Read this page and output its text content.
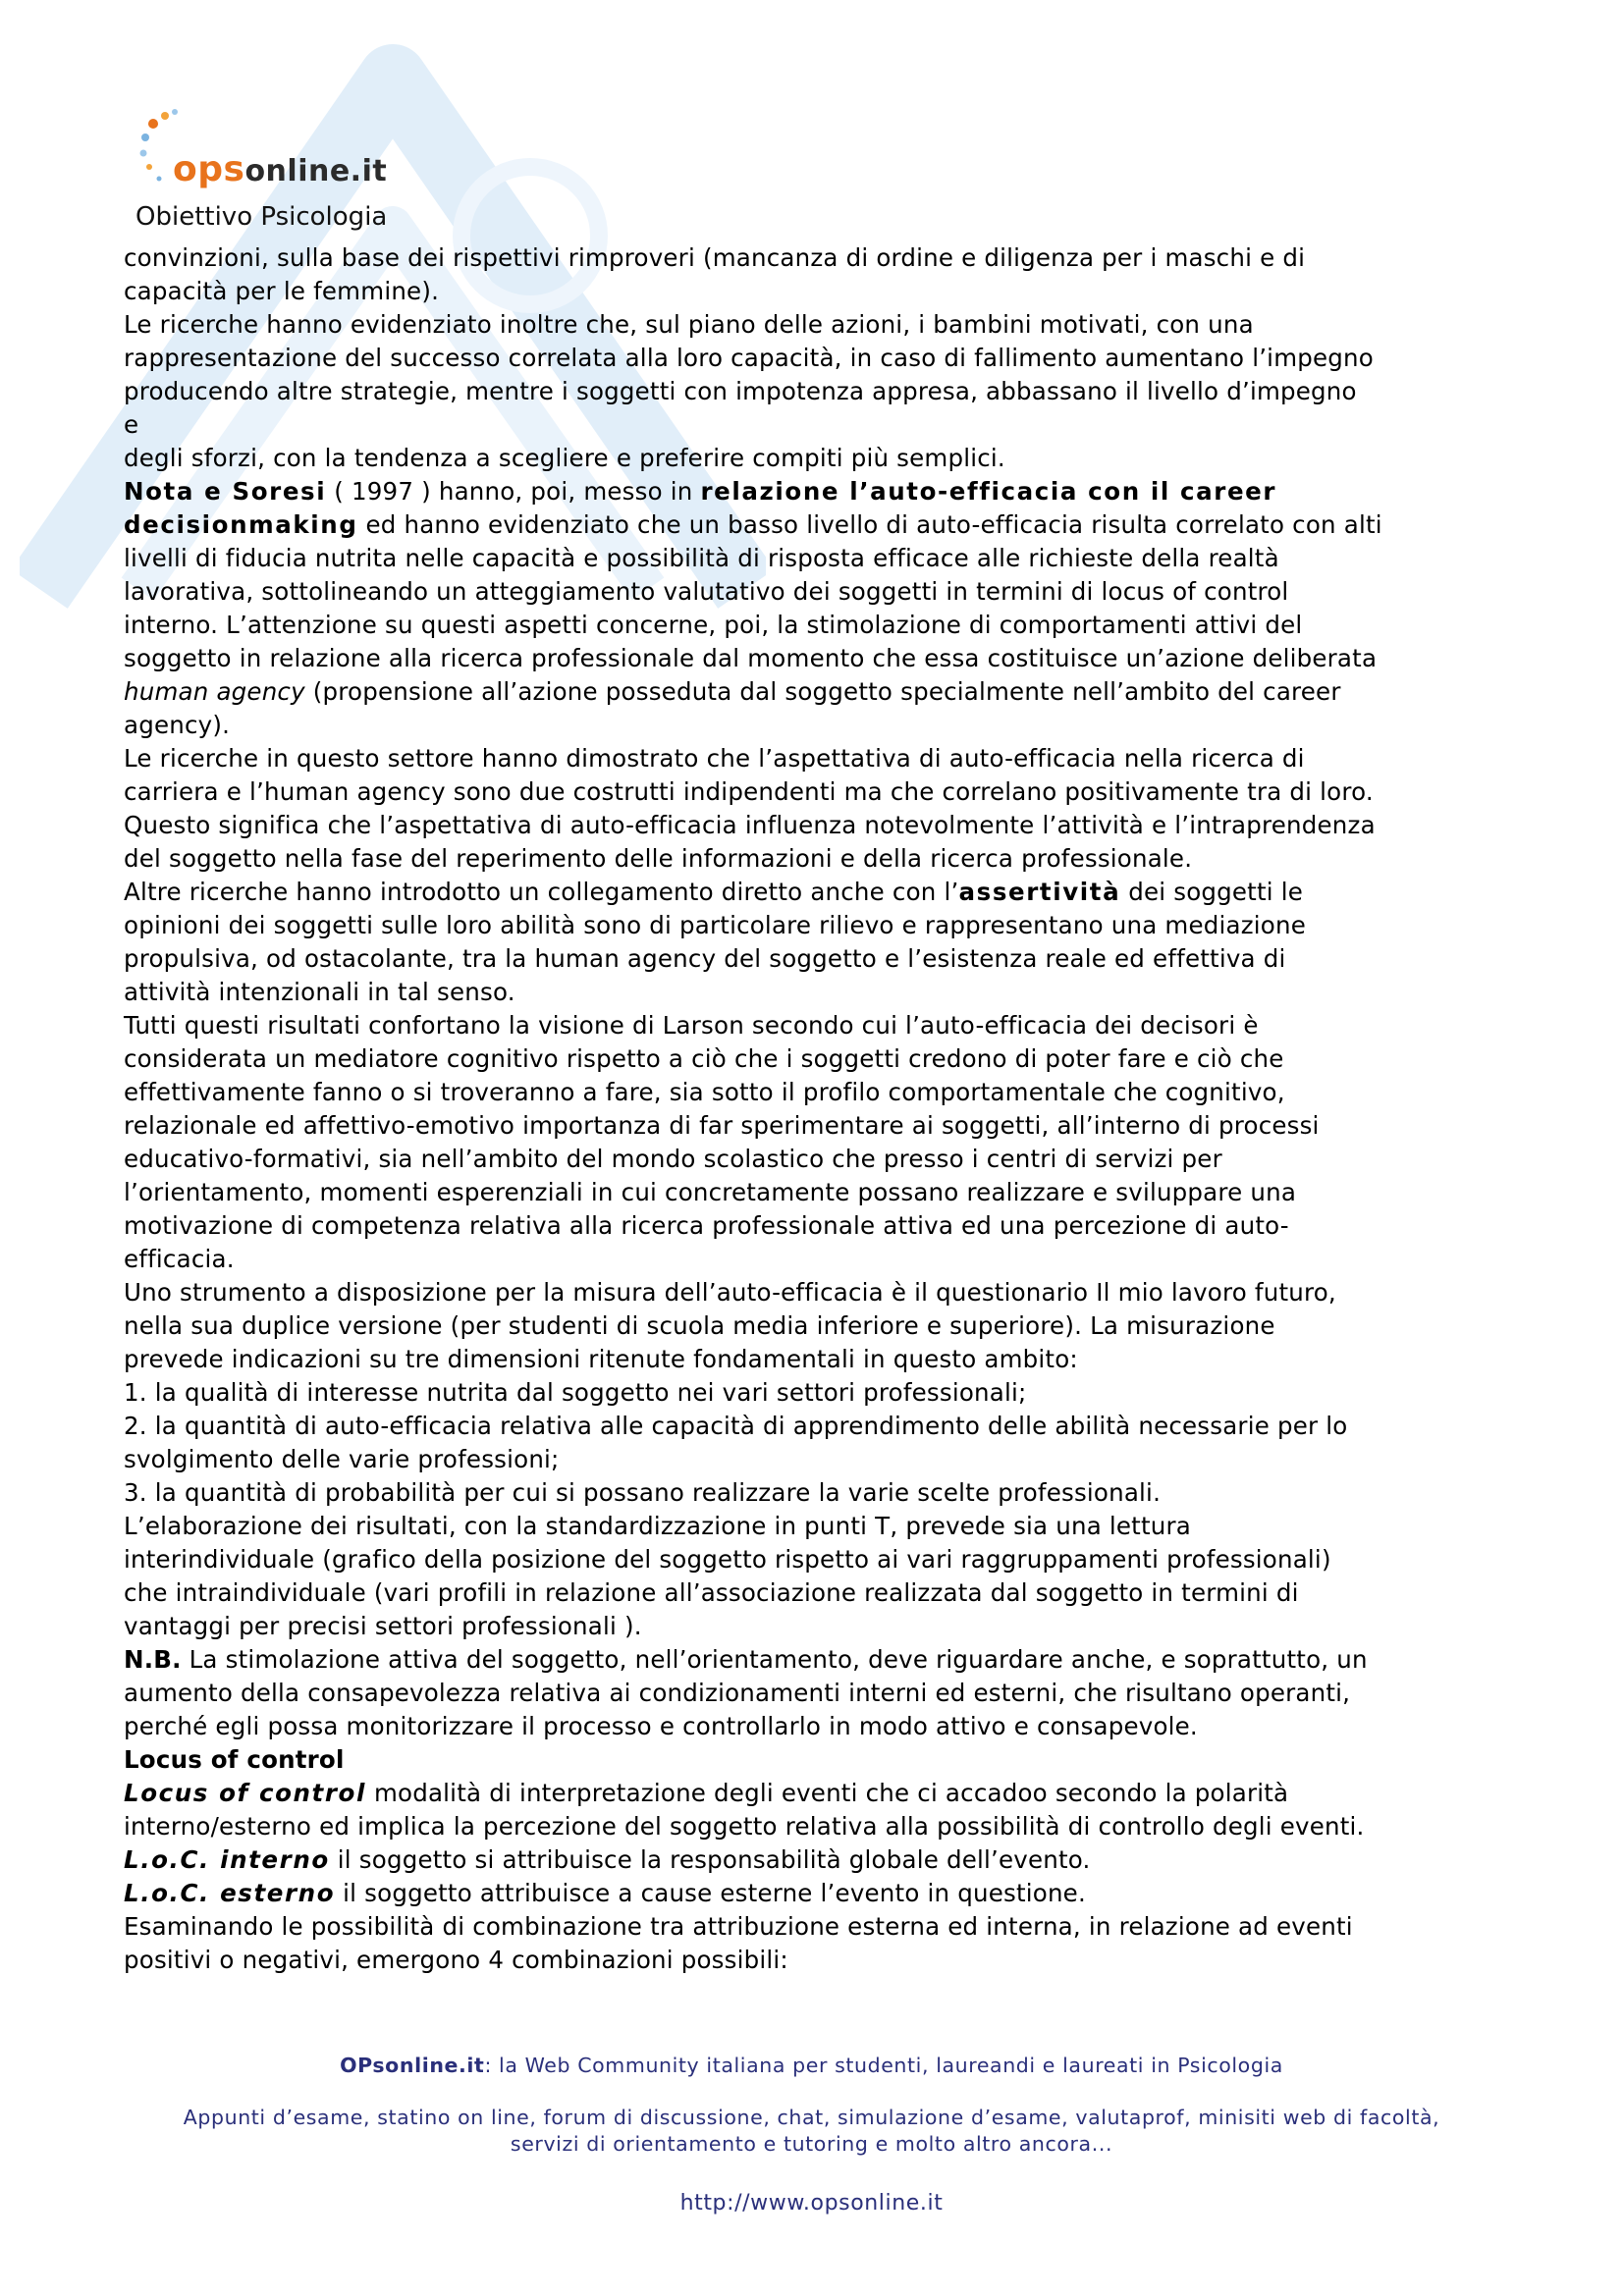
opsonline.it
Obiettivo Psicologia

convinzioni, sulla base dei rispettivi rimproveri (mancanza di ordine e diligenza per i maschi e di

capacità per le femmine).

Le ricerche hanno evidenziato inoltre che, sul piano delle azioni, i bambini motivati, con una

rappresentazione del successo correlata alla loro capacità, in caso di fallimento aumentano l’impegno

producendo altre strategie, mentre i soggetti con impotenza appresa, abbassano il livello d’impegno

e

degli sforzi, con la tendenza a scegliere e preferire compiti più semplici.

Nota e Soresi ( 1997 ) hanno, poi, messo in relazione l’auto-efficacia con il career

decisionmaking ed hanno evidenziato che un basso livello di auto-efficacia risulta correlato con alti

livelli di fiducia nutrita nelle capacità e possibilità di risposta efficace alle richieste della realtà

lavorativa, sottolineando un atteggiamento valutativo dei soggetti in termini di locus of control

interno. L’attenzione su questi aspetti concerne, poi, la stimolazione di comportamenti attivi del

soggetto in relazione alla ricerca professionale dal momento che essa costituisce un’azione deliberata

human agency (propensione all’azione posseduta dal soggetto specialmente nell’ambito del career

agency).

Le ricerche in questo settore hanno dimostrato che l’aspettativa di auto-efficacia nella ricerca di

carriera e l’human agency sono due costrutti indipendenti ma che correlano positivamente tra di loro.

Questo significa che l’aspettativa di auto-efficacia influenza notevolmente l’attività e l’intraprendenza

del soggetto nella fase del reperimento delle informazioni e della ricerca professionale.

Altre ricerche hanno introdotto un collegamento diretto anche con l’assertività dei soggetti le

opinioni dei soggetti sulle loro abilità sono di particolare rilievo e rappresentano una mediazione

propulsiva, od ostacolante, tra la human agency del soggetto e l’esistenza reale ed effettiva di

attività intenzionali in tal senso.

Tutti questi risultati confortano la visione di Larson secondo cui l’auto-efficacia dei decisori è

considerata un mediatore cognitivo rispetto a ciò che i soggetti credono di poter fare e ciò che

effettivamente fanno o si troveranno a fare, sia sotto il profilo comportamentale che cognitivo,

relazionale ed affettivo-emotivo importanza di far sperimentare ai soggetti, all’interno di processi

educativo-formativi, sia nell’ambito del mondo scolastico che presso i centri di servizi per

l’orientamento, momenti esperenziali in cui concretamente possano realizzare e sviluppare una

motivazione di competenza relativa alla ricerca professionale attiva ed una percezione di auto-

efficacia.

Uno strumento a disposizione per la misura dell’auto-efficacia è il questionario Il mio lavoro futuro,

nella sua duplice versione (per studenti di scuola media inferiore e superiore). La misurazione

prevede indicazioni su tre dimensioni ritenute fondamentali in questo ambito:

1. la qualità di interesse nutrita dal soggetto nei vari settori professionali;

2. la quantità di auto-efficacia relativa alle capacità di apprendimento delle abilità necessarie per lo

svolgimento delle varie professioni;

3. la quantità di probabilità per cui si possano realizzare la varie scelte professionali.

L’elaborazione dei risultati, con la standardizzazione in punti T, prevede sia una lettura

interindividuale (grafico della posizione del soggetto rispetto ai vari raggruppamenti professionali)

che intraindividuale (vari profili in relazione all’associazione realizzata dal soggetto in termini di

vantaggi per precisi settori professionali ).

N.B. La stimolazione attiva del soggetto, nell’orientamento, deve riguardare anche, e soprattutto, un

aumento della consapevolezza relativa ai condizionamenti interni ed esterni, che risultano operanti,

perché egli possa monitorizzare il processo e controllarlo in modo attivo e consapevole.

Locus of control

Locus of control modalità di interpretazione degli eventi che ci accadoo secondo la polarità

interno/esterno ed implica la percezione del soggetto relativa alla possibilità di controllo degli eventi.

L.o.C. interno il soggetto si attribuisce la responsabilità globale dell’evento.

L.o.C. esterno il soggetto attribuisce a cause esterne l’evento in questione.

Esaminando le possibilità di combinazione tra attribuzione esterna ed interna, in relazione ad eventi

positivi o negativi, emergono 4 combinazioni possibili:

OPsonline.it: la Web Community italiana per studenti, laureandi e laureati in Psicologia
Appunti d’esame, statino on line, forum di discussione, chat, simulazione d’esame, valutaprof, minisiti web di facoltà, servizi di orientamento e tutoring e molto altro ancora...
http://www.opsonline.it
